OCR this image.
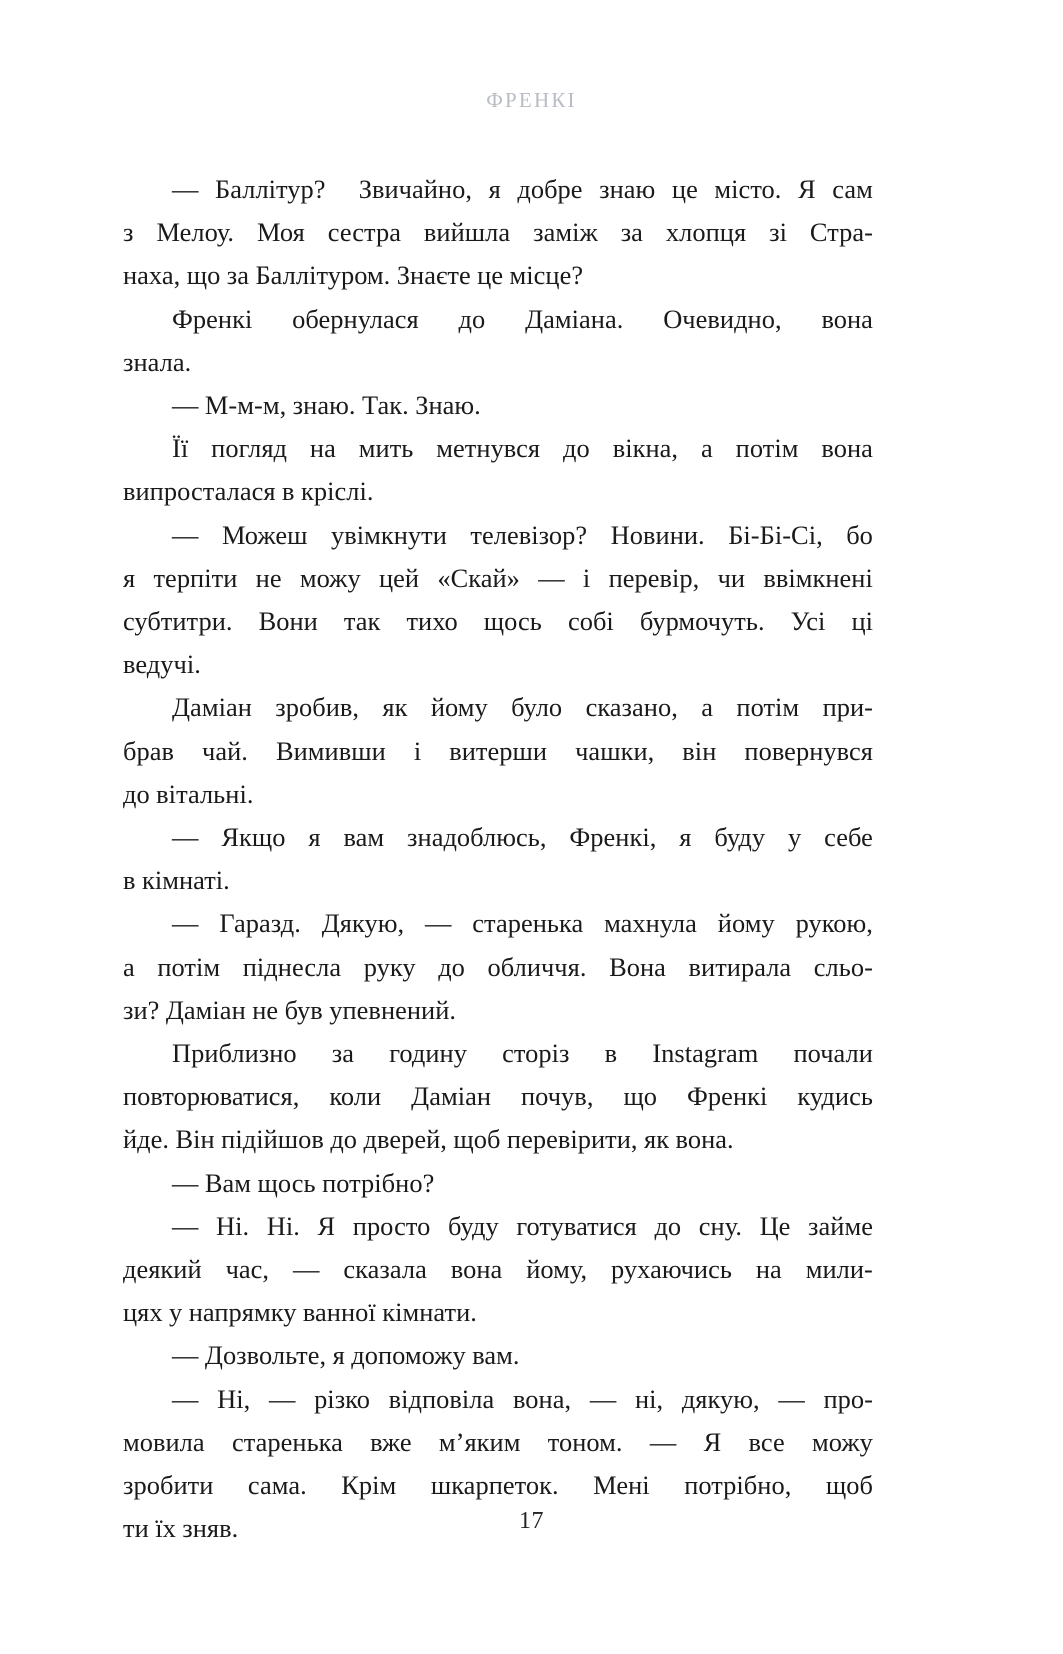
ФРЕНКІ

— Баллітур? Звичайно, я добре знаю це місто. Я сам
з Мелоу. Моя сестра вийшла заміж за хлопця зі Стра-
наха, що за Баллітуром. Знаєте це місце?

Френкі обернулася до Даміана. Очевидно, вона
знала.

— М-м-м, знаю. Так. Знаю.

Її погляд на мить метнувся до вікна, а потім вона
випросталася в кріслі.

— Можеш увімкнути телевізор? Новини. Бі-Бі-Сі, бо
я терпіти не можу цей «Скай» — і перевір, чи ввімкнені
субтитри. Вони так тихо щось собі бурмочуть. Усі ці
ведучі.

Даміан зробив, як йому було сказано, а потім при-
брав чай. Вимивши і витерши чашки, він повернувся
до вітальні.

— Якщо я вам знадоблюсь, Френкі, я буду у себе
в кімнаті.

— Гаразд. Дякую, — старенька махнула йому рукою,
а потім піднесла руку до обличчя. Вона витирала сльо-
зи? Даміан не був упевнений.

Приблизно за годину сторіз в Instagram почали
повторюватися, коли Даміан почув, що Френкі кудись
йде. Він підійшов до дверей, щоб перевірити, як вона.

— Вам щось потрібно?

— Ні. Ні. Я просто буду готуватися до сну. Це займе
деякий час, — сказала вона йому, рухаючись на мили-
цях у напрямку ванної кімнати.

— Дозвольте, я допоможу вам.

— Ні, — різко відповіла вона, — ні, дякую, — про-
мовила старенька вже м’яким тоном. — Я все можу
зробити сама. Крім шкарпеток. Мені потрібно, щоб
ти їх зняв.	17
